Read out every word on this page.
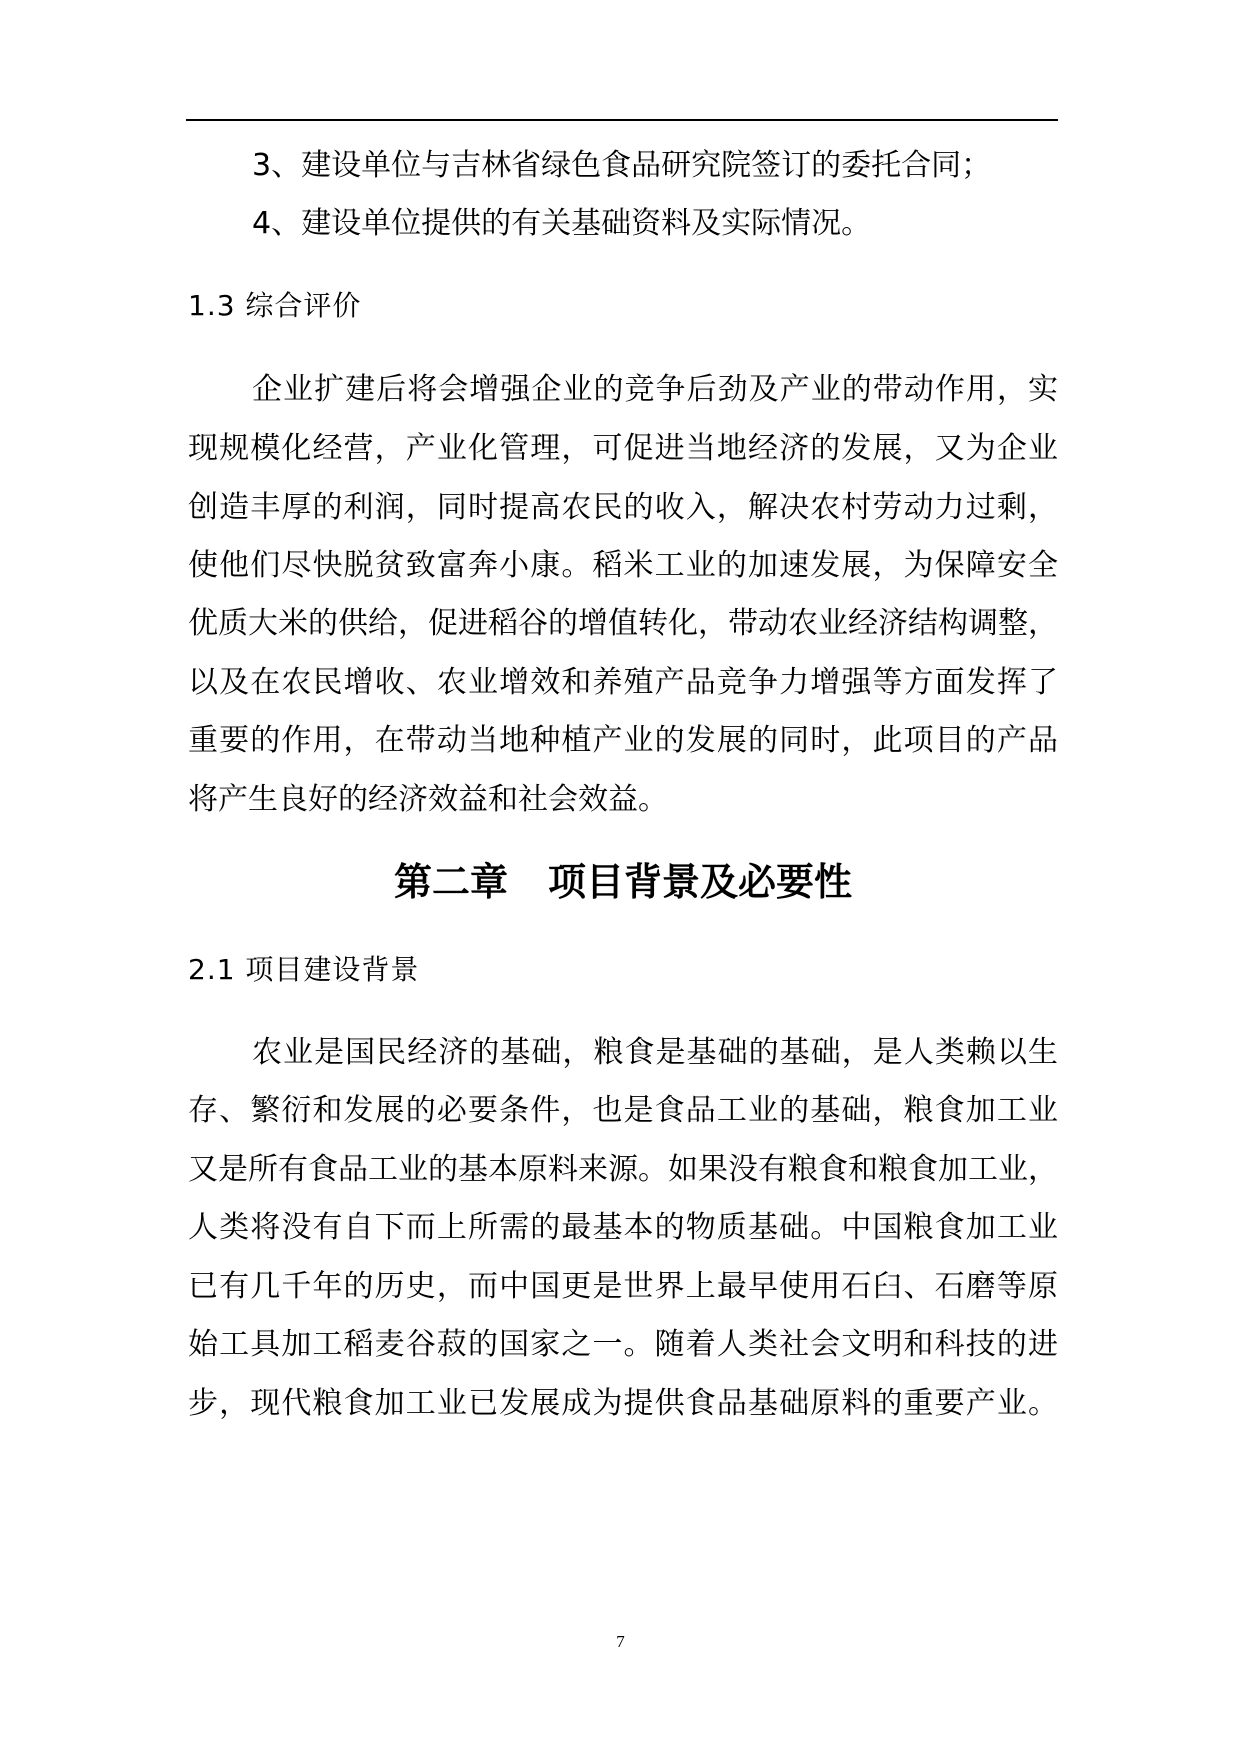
3、建设单位与吉林省绿色食品研究院签订的委托合同；
4、建设单位提供的有关基础资料及实际情况。
1.3 综合评价
企业扩建后将会增强企业的竞争后劲及产业的带动作用，实
现规模化经营，产业化管理，可促进当地经济的发展，又为企业
创造丰厚的利润，同时提高农民的收入，解决农村劳动力过剩，
使他们尽快脱贫致富奔小康。稻米工业的加速发展，为保障安全
优质大米的供给，促进稻谷的增值转化，带动农业经济结构调整，
以及在农民增收、农业增效和养殖产品竞争力增强等方面发挥了
重要的作用，在带动当地种植产业的发展的同时，此项目的产品
将产生良好的经济效益和社会效益。
第二章 项目背景及必要性
2.1 项目建设背景
农业是国民经济的基础，粮食是基础的基础，是人类赖以生
存、繁衍和发展的必要条件，也是食品工业的基础，粮食加工业
又是所有食品工业的基本原料来源。如果没有粮食和粮食加工业，
人类将没有自下而上所需的最基本的物质基础。中国粮食加工业
已有几千年的历史，而中国更是世界上最早使用石臼、石磨等原
始工具加工稻麦谷菽的国家之一。随着人类社会文明和科技的进
步，现代粮食加工业已发展成为提供食品基础原料的重要产业。
7
